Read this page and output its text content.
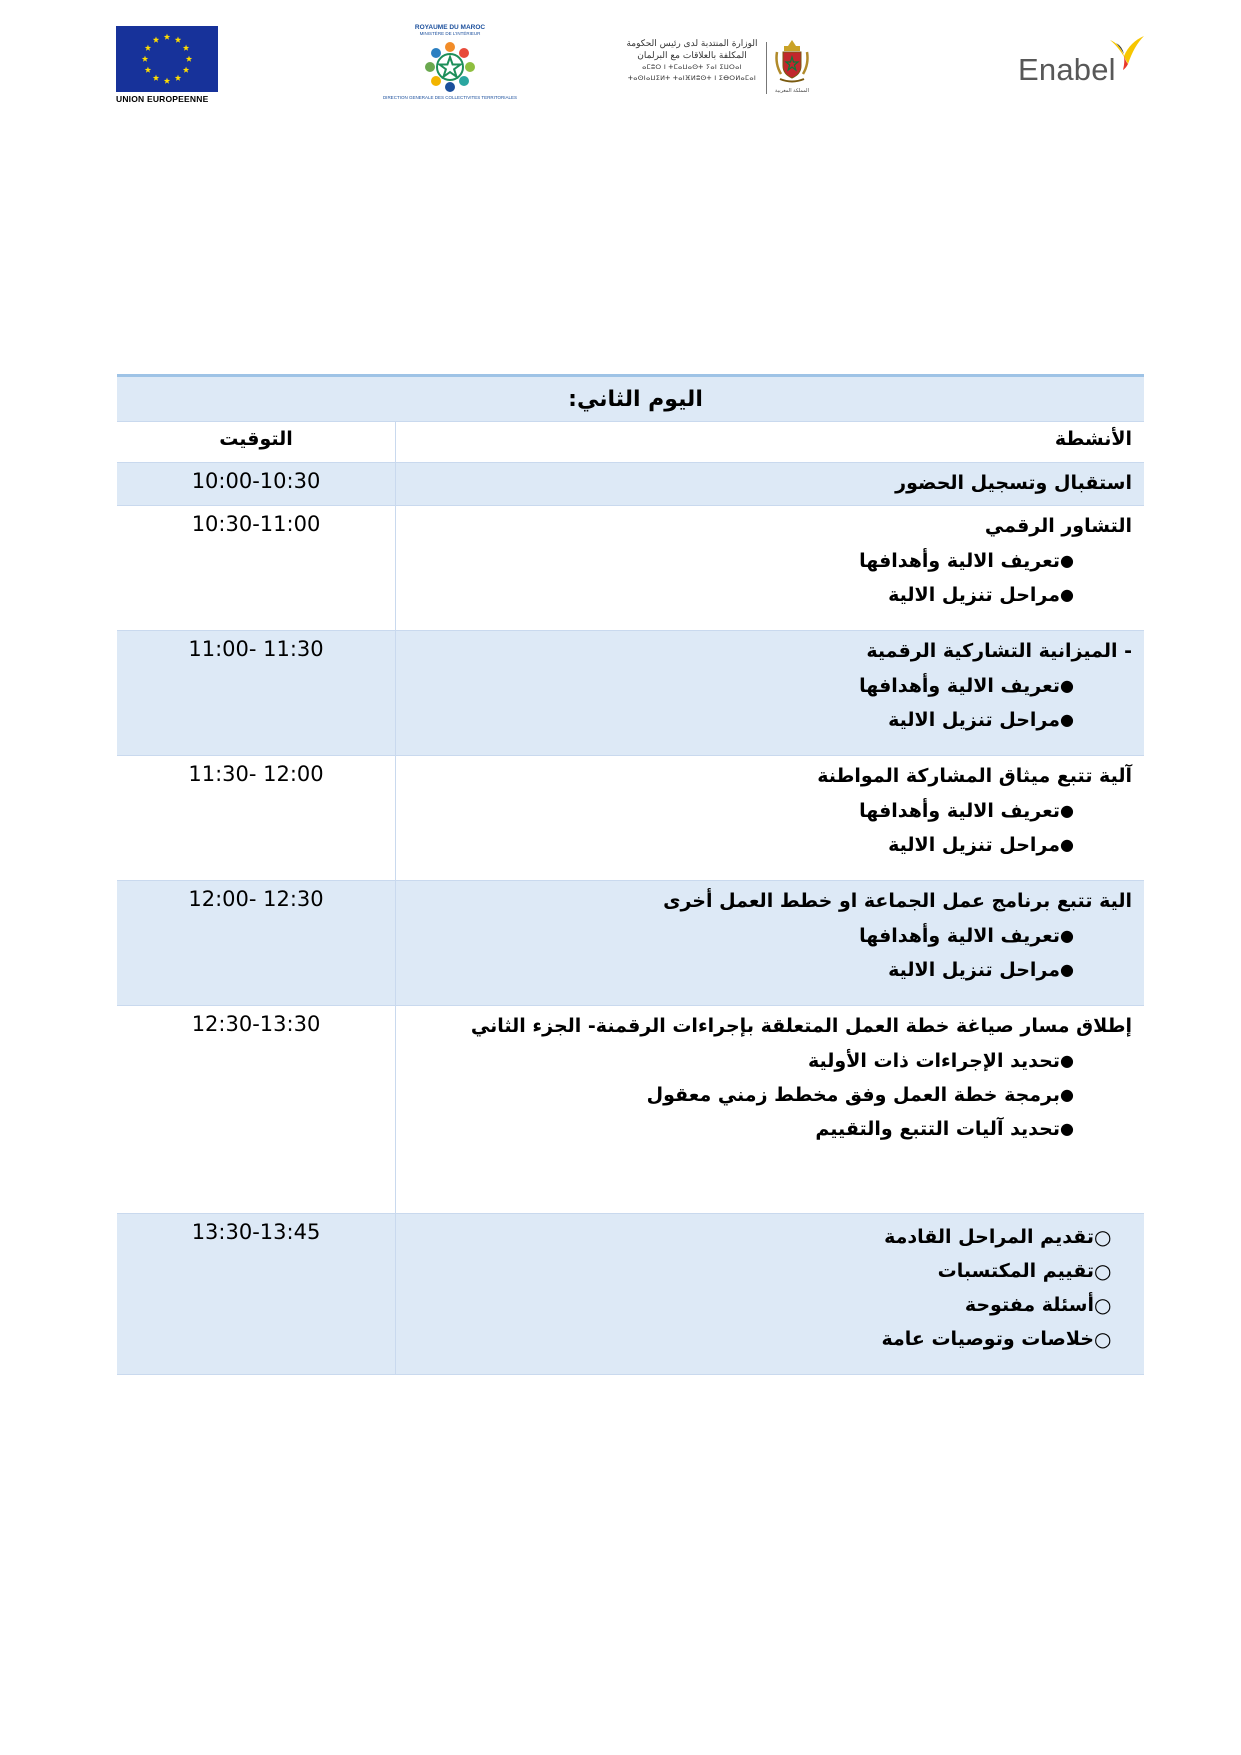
UNION EUROPEENNE
ROYAUME DU MAROC
MINISTÈRE DE L'INTÉRIEUR
DIRECTION GENERALE DES COLLECTIVITES TERRITORIALES
الوزارة المنتدبة لدى رئيس الحكومة
المكلفة بالعلاقات مع البرلمان
ⴰⵎⵓⵔ ⵏ ⵜⵎⴰⵡⴰⵙⵜ ⵢⴰⵏ ⵉⵡⵔⴰⵏ
ⵜⴰⵙⵏⴰⵡⵉⵍⵜ ⵜⴰⵏⴼⵍⵓⵙⵜ ⵏ ⵉⴱⵔⵍⴰⵎⴰⵏ
المملكة المغربية
Enabel
اليوم الثاني:
الأنشطة
التوقيت
استقبال وتسجيل الحضور
10:00-10:30
التشاور الرقمي
●
تعريف الالية وأهدافها
●
مراحل تنزيل الالية
10:30-11:00
- الميزانية التشاركية الرقمية
●
تعريف الالية وأهدافها
●
مراحل تنزيل الالية
11:00- 11:30
آلية تتبع ميثاق المشاركة المواطنة
●
تعريف الالية وأهدافها
●
مراحل تنزيل الالية
11:30- 12:00
الية تتبع برنامج عمل الجماعة او خطط العمل أخرى
●
تعريف الالية وأهدافها
●
مراحل تنزيل الالية
12:00- 12:30
إطلاق مسار صياغة خطة العمل المتعلقة بإجراءات الرقمنة- الجزء الثاني
●
تحديد الإجراءات ذات الأولية
●
برمجة خطة العمل وفق مخطط زمني معقول
●
تحديد آليات التتبع والتقييم
12:30-13:30
○
تقديم المراحل القادمة
○
تقييم المكتسبات
○
أسئلة مفتوحة
○
خلاصات وتوصيات عامة
13:30-13:45
